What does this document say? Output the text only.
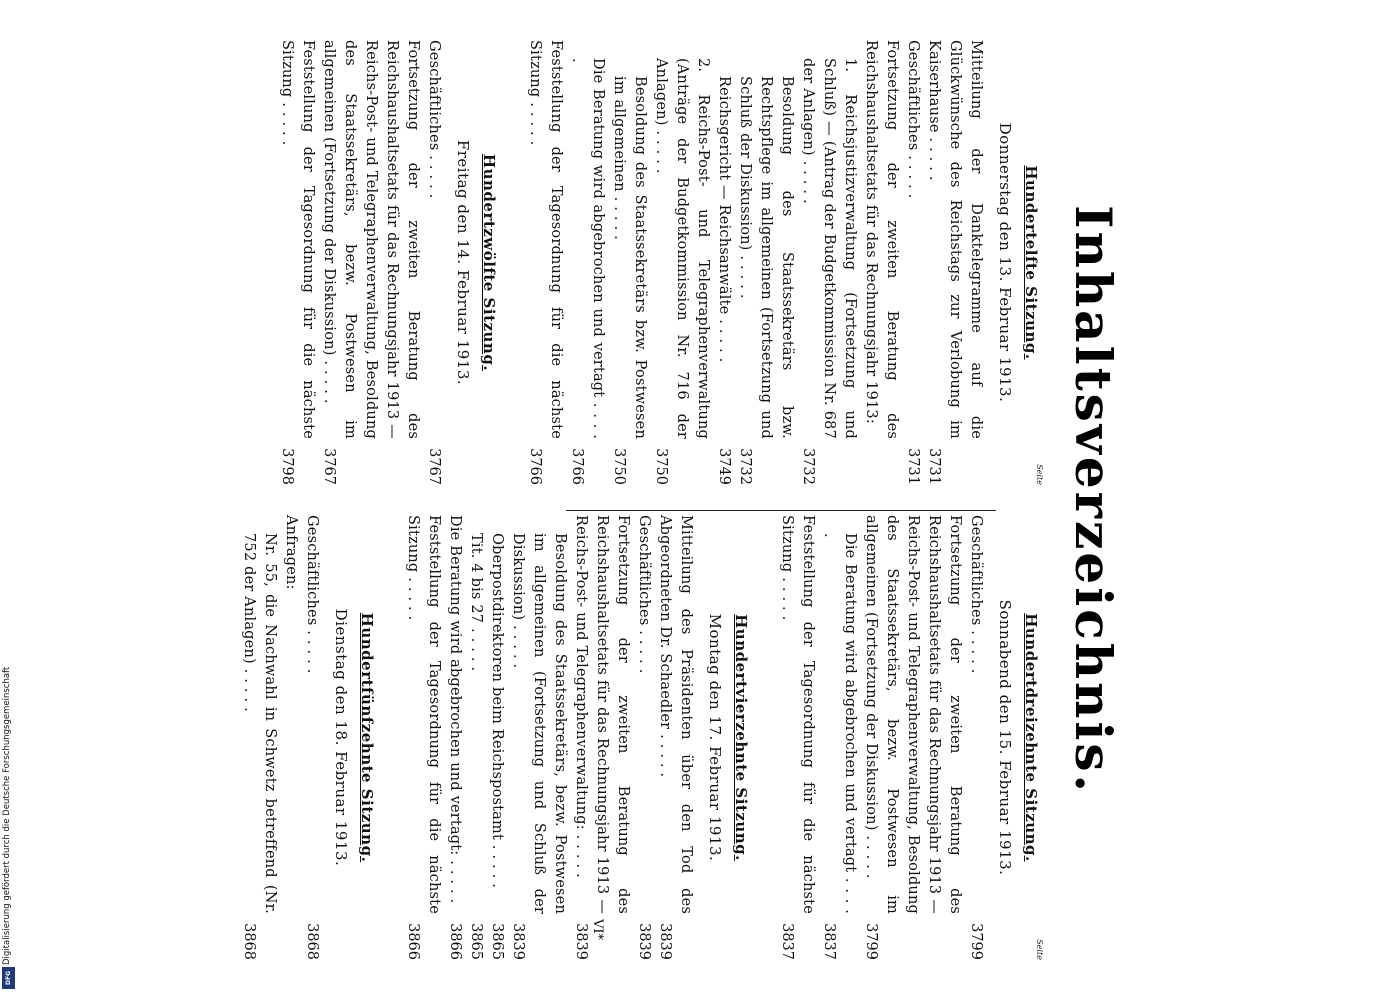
Digitalisierung gefördert durch die Deutsche Forschungsgemeinschaft
DFG
Inhaltsverzeichnis.
Seite
Hundertelfte Sitzung.
Donnerstag den 13. Februar 1913.
Mitteilung der Danktelegramme auf die Glückwünsche des Reichstags zur Verlobung im Kaiserhause . . . . .
3731
Geschäftliches . . . . .
3731
Fortsetzung der zweiten Beratung des Reichshaushaltsetats für das Rechnungsjahr 1913:
1. Reichsjustizverwaltung (Fortsetzung und Schluß) — (Antrag der Budgetkommission Nr. 687 der Anlagen) . . . . .
3732
Besoldung des Staatssekretärs bzw. Rechtspflege im allgemeinen (Fortsetzung und Schluß der Diskussion) . . . . .
3732
Reichsgericht — Reichsanwälte . . . . .
3749
2. Reichs-Post- und Telegraphenverwaltung (Anträge der Budgetkommission Nr. 716 der Anlagen) . . . . .
3750
Besoldung des Staatssekretärs bzw. Postwesen im allgemeinen . . . . .
3750
Die Beratung wird abgebrochen und vertagt . . . . .
3766
Feststellung der Tagesordnung für die nächste Sitzung . . . . .
3766
Hundertzwölfte Sitzung.
Freitag den 14. Februar 1913.
Geschäftliches . . . . .
3767
Fortsetzung der zweiten Beratung des Reichshaushaltsetats für das Rechnungsjahr 1913 — Reichs-Post- und Telegraphenverwaltung, Besoldung des Staatssekretärs, bezw. Postwesen im allgemeinen (Fortsetzung der Diskussion) . . . . .
3767
Feststellung der Tagesordnung für die nächste Sitzung . . . . .
3798
Seite
Hundertdreizehnte Sitzung.
Sonnabend den 15. Februar 1913.
Geschäftliches . . . . .
3799
Fortsetzung der zweiten Beratung des Reichshaushaltsetats für das Rechnungsjahr 1913 — Reichs-Post- und Telegraphenverwaltung, Besoldung des Staatssekretärs, bezw. Postwesen im allgemeinen (Fortsetzung der Diskussion) . . . . .
3799
Die Beratung wird abgebrochen und vertagt . . . . .
3837
Feststellung der Tagesordnung für die nächste Sitzung . . . . .
3837
Hundertvierzehnte Sitzung.
Montag den 17. Februar 1913.
Mitteilung des Präsidenten über den Tod des Abgeordneten Dr. Schaedler . . . . .
3839
Geschäftliches . . . . .
3839
Fortsetzung der zweiten Beratung des Reichshaushaltsetats für das Rechnungsjahr 1913 — Reichs-Post- und Telegraphenverwaltung: . . . . .
3839
Besoldung des Staatssekretärs, bezw. Postwesen im allgemeinen (Fortsetzung und Schluß der Diskussion) . . . . .
3839
Oberpostdirektoren beim Reichspostamt . . . . .
3865
Tit. 4 bis 27 . . . . .
3865
Die Beratung wird abgebrochen und vertagt: . . . . .
3866
Feststellung der Tagesordnung für die nächste Sitzung . . . . .
3866
Hundertfünfzehnte Sitzung.
Dienstag den 18. Februar 1913.
Geschäftliches . . . . .
3868
Anfragen:
Nr. 55, die Nachwahl in Schwetz betreffend (Nr. 752 der Anlagen) . . . . .
3868	VI*
